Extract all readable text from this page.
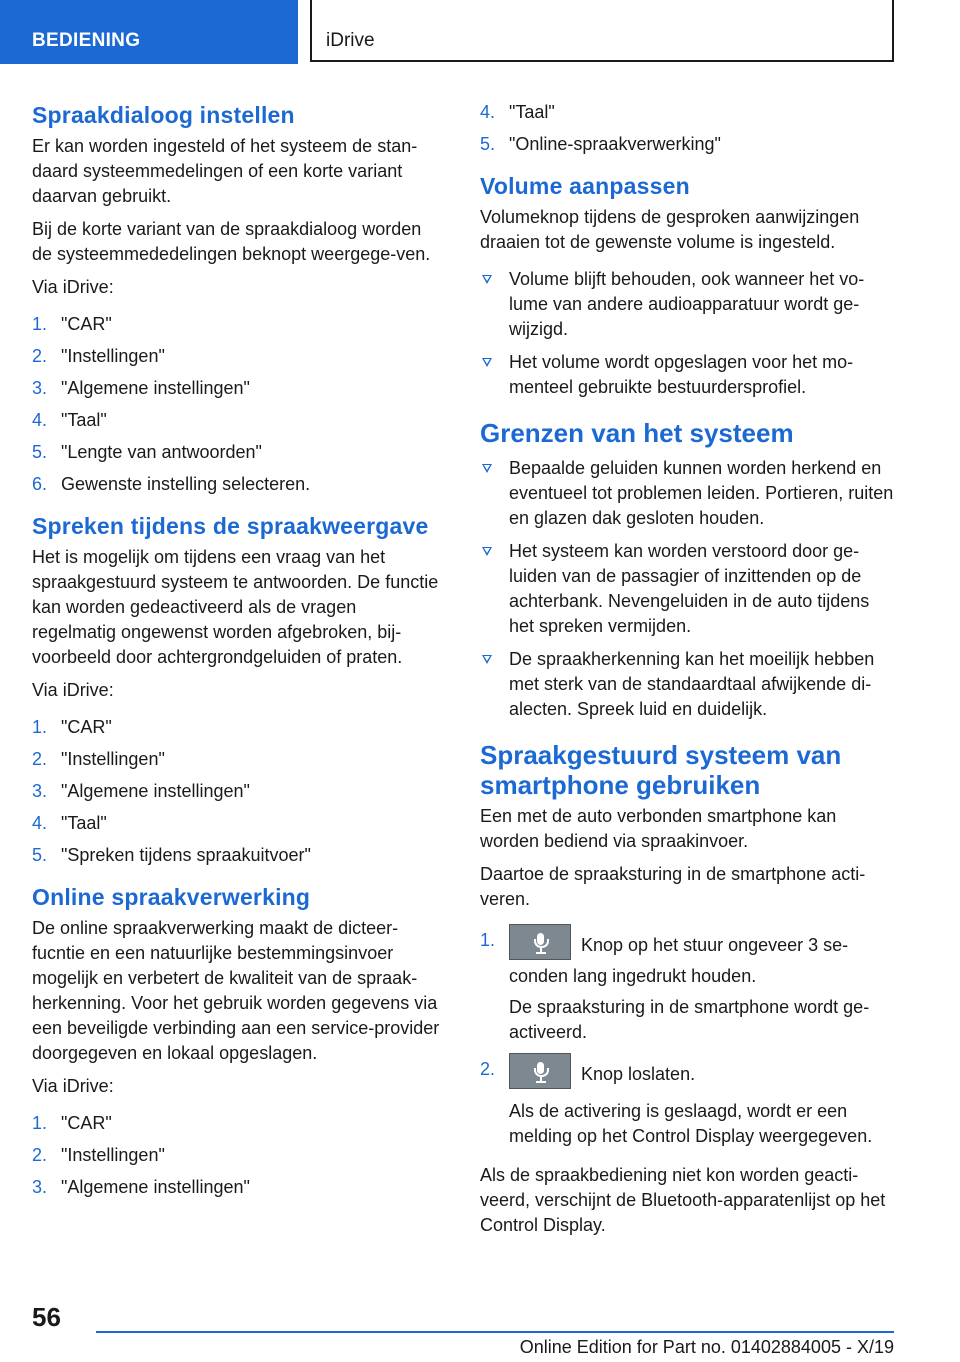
BEDIENING	iDrive
Spraakdialoog instellen

Er kan worden ingesteld of het systeem de stan-daard systeemmedelingen of een korte variant daarvan gebruikt.

Bij de korte variant van de spraakdialoog worden de systeemmededelingen beknopt weergege-ven.

Via iDrive:

1. "CAR"
2. "Instellingen"
3. "Algemene instellingen"
4. "Taal"
5. "Lengte van antwoorden"
6. Gewenste instelling selecteren.
Spreken tijdens de spraakweergave

Het is mogelijk om tijdens een vraag van het spraakgestuurd systeem te antwoorden. De functie kan worden gedeactiveerd als de vragen regelmatig ongewenst worden afgebroken, bij-voorbeeld door achtergrondgeluiden of praten.

Via iDrive:

1. "CAR"
2. "Instellingen"
3. "Algemene instellingen"
4. "Taal"
5. "Spreken tijdens spraakuitvoer"
Online spraakverwerking

De online spraakverwerking maakt de dicteer-fucntie en een natuurlijke bestemmingsinvoer mogelijk en verbetert de kwaliteit van de spraak-herkenning. Voor het gebruik worden gegevens via een beveiligde verbinding aan een service-provider doorgegeven en lokaal opgeslagen.

Via iDrive:

1. "CAR"
2. "Instellingen"
3. "Algemene instellingen"
4. "Taal"
5. "Online-spraakverwerking"
Volume aanpassen

Volumeknop tijdens de gesproken aanwijzingen draaien tot de gewenste volume is ingesteld.

Volume blijft behouden, ook wanneer het vo-lume van andere audioapparatuur wordt ge-wijzigd.
Het volume wordt opgeslagen voor het mo-menteel gebruikte bestuurdersprofiel.
Grenzen van het systeem
Bepaalde geluiden kunnen worden herkend en eventueel tot problemen leiden. Portieren, ruiten en glazen dak gesloten houden.
Het systeem kan worden verstoord door ge-luiden van de passagier of inzittenden op de achterbank. Nevengeluiden in de auto tijdens het spreken vermijden.
De spraakherkenning kan het moeilijk hebben met sterk van de standaardtaal afwijkende di-alecten. Spreek luid en duidelijk.
Spraakgestuurd systeem van smartphone gebruiken

Een met de auto verbonden smartphone kan worden bediend via spraakinvoer.

Daartoe de spraaksturing in de smartphone acti-veren.

1.	Knop op het stuur ongeveer 3 se-conden lang ingedrukt houden.
De spraaksturing in de smartphone wordt ge-activeerd.
2.	Knop loslaten.
Als de activering is geslaagd, wordt er een melding op het Control Display weergegeven.

Als de spraakbediening niet kon worden geacti-veerd, verschijnt de Bluetooth-apparatenlijst op het Control Display.

56
Online Edition for Part no. 01402884005 - X/19
